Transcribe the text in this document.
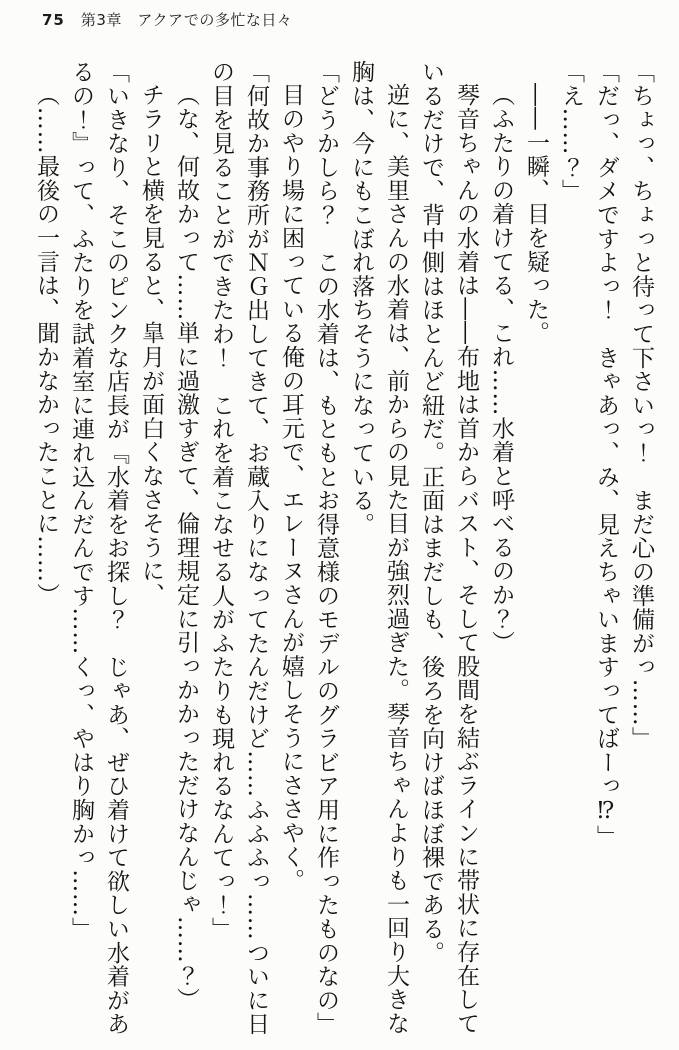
75 第3章　アクアでの多忙な日々

「ちょっ、ちょっと待って下さいっ！　まだ心の準備がっ……」

「だっ、ダメですよっ！　きゃあっ、み、見えちゃいますってばーっ⁉」

「え……？」

――一瞬、目を疑った。

（ふたりの着けてる、これ……水着と呼べるのか？）

琴音ちゃんの水着は――布地は首からバスト、そして股間を結ぶラインに帯状に存在しているだけで、背中側はほとんど紐だ。正面はまだしも、後ろを向けばほぼ裸である。

逆に、美里さんの水着は、前からの見た目が強烈過ぎた。琴音ちゃんよりも一回り大きな胸は、今にもこぼれ落ちそうになっている。

「どうかしら？　この水着は、もともとお得意様のモデルのグラビア用に作ったものなの」

目のやり場に困っている俺の耳元で、エレーヌさんが嬉しそうにささやく。

「何故か事務所がＮＧ出してきて、お蔵入りになってたんだけど……ふふふっ……ついに日の目を見ることができたわ！　これを着こなせる人がふたりも現れるなんてっ！」

（な、何故かって……単に過激すぎて、倫理規定に引っかかっただけなんじゃ……？）

チラリと横を見ると、皐月が面白くなさそうに、

「いきなり、そこのピンクな店長が『水着をお探し？　じゃあ、ぜひ着けて欲しい水着があるの！』って、ふたりを試着室に連れ込んだんです……くっ、やはり胸かっ……」

（……最後の一言は、聞かなかったことに……）
